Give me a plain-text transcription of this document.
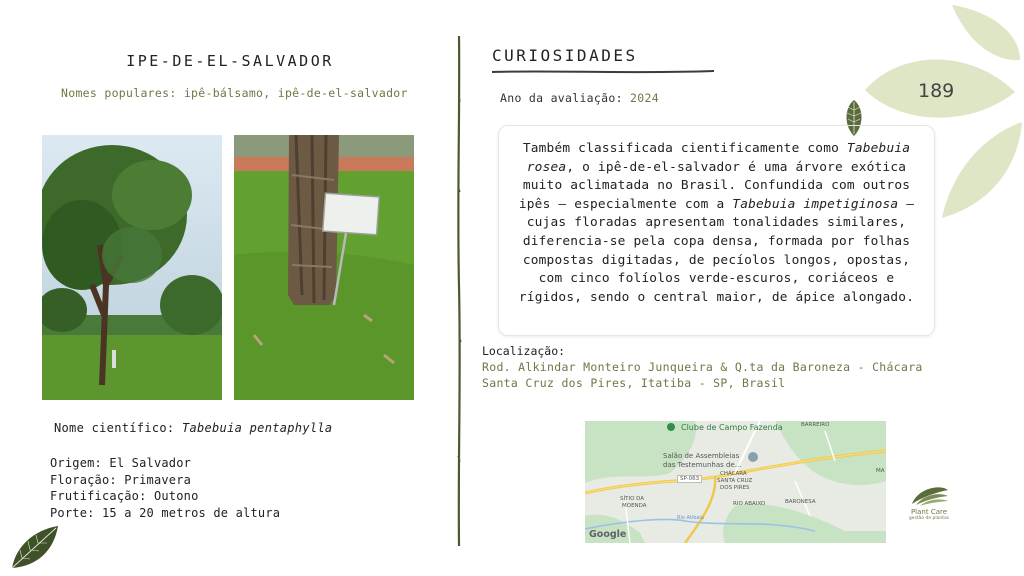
189
IPE-DE-EL-SALVADOR
Nomes populares: ipê-bálsamo, ipê-de-el-salvador
Nome científico: Tabebuia pentaphylla
Origem: El Salvador
Floração: Primavera
Frutificação: Outono
Porte: 15 a 20 metros de altura
CURIOSIDADES
Ano da avaliação: 2024
Também classificada cientificamente como Tabebuia rosea, o ipê-de-el-salvador é uma árvore exótica muito aclimatada no Brasil. Confundida com outros ipês – especialmente com a Tabebuia impetiginosa – cujas floradas apresentam tonalidades similares, diferencia-se pela copa densa, formada por folhas compostas digitadas, de pecíolos longos, opostas, com cinco folíolos verde-escuros, coriáceos e rígidos, sendo o central maior, de ápice alongado.
Localização:
Rod. Alkindar Monteiro Junqueira & Q.ta da Baroneza - Chácara Santa Cruz dos Pires, Itatiba - SP, Brasil
Clube de Campo Fazenda	BARREIRO
Salão de Assembleias
das Testemunhas de...
SP-063
CHÁCARA
SANTA CRUZ
DOS PIRES
SÍTIO DA
MOENDA	RIO ABAIXO	BARONESA
Rio Atibaia
MA
Google
Plant Care
gestão de plantas
